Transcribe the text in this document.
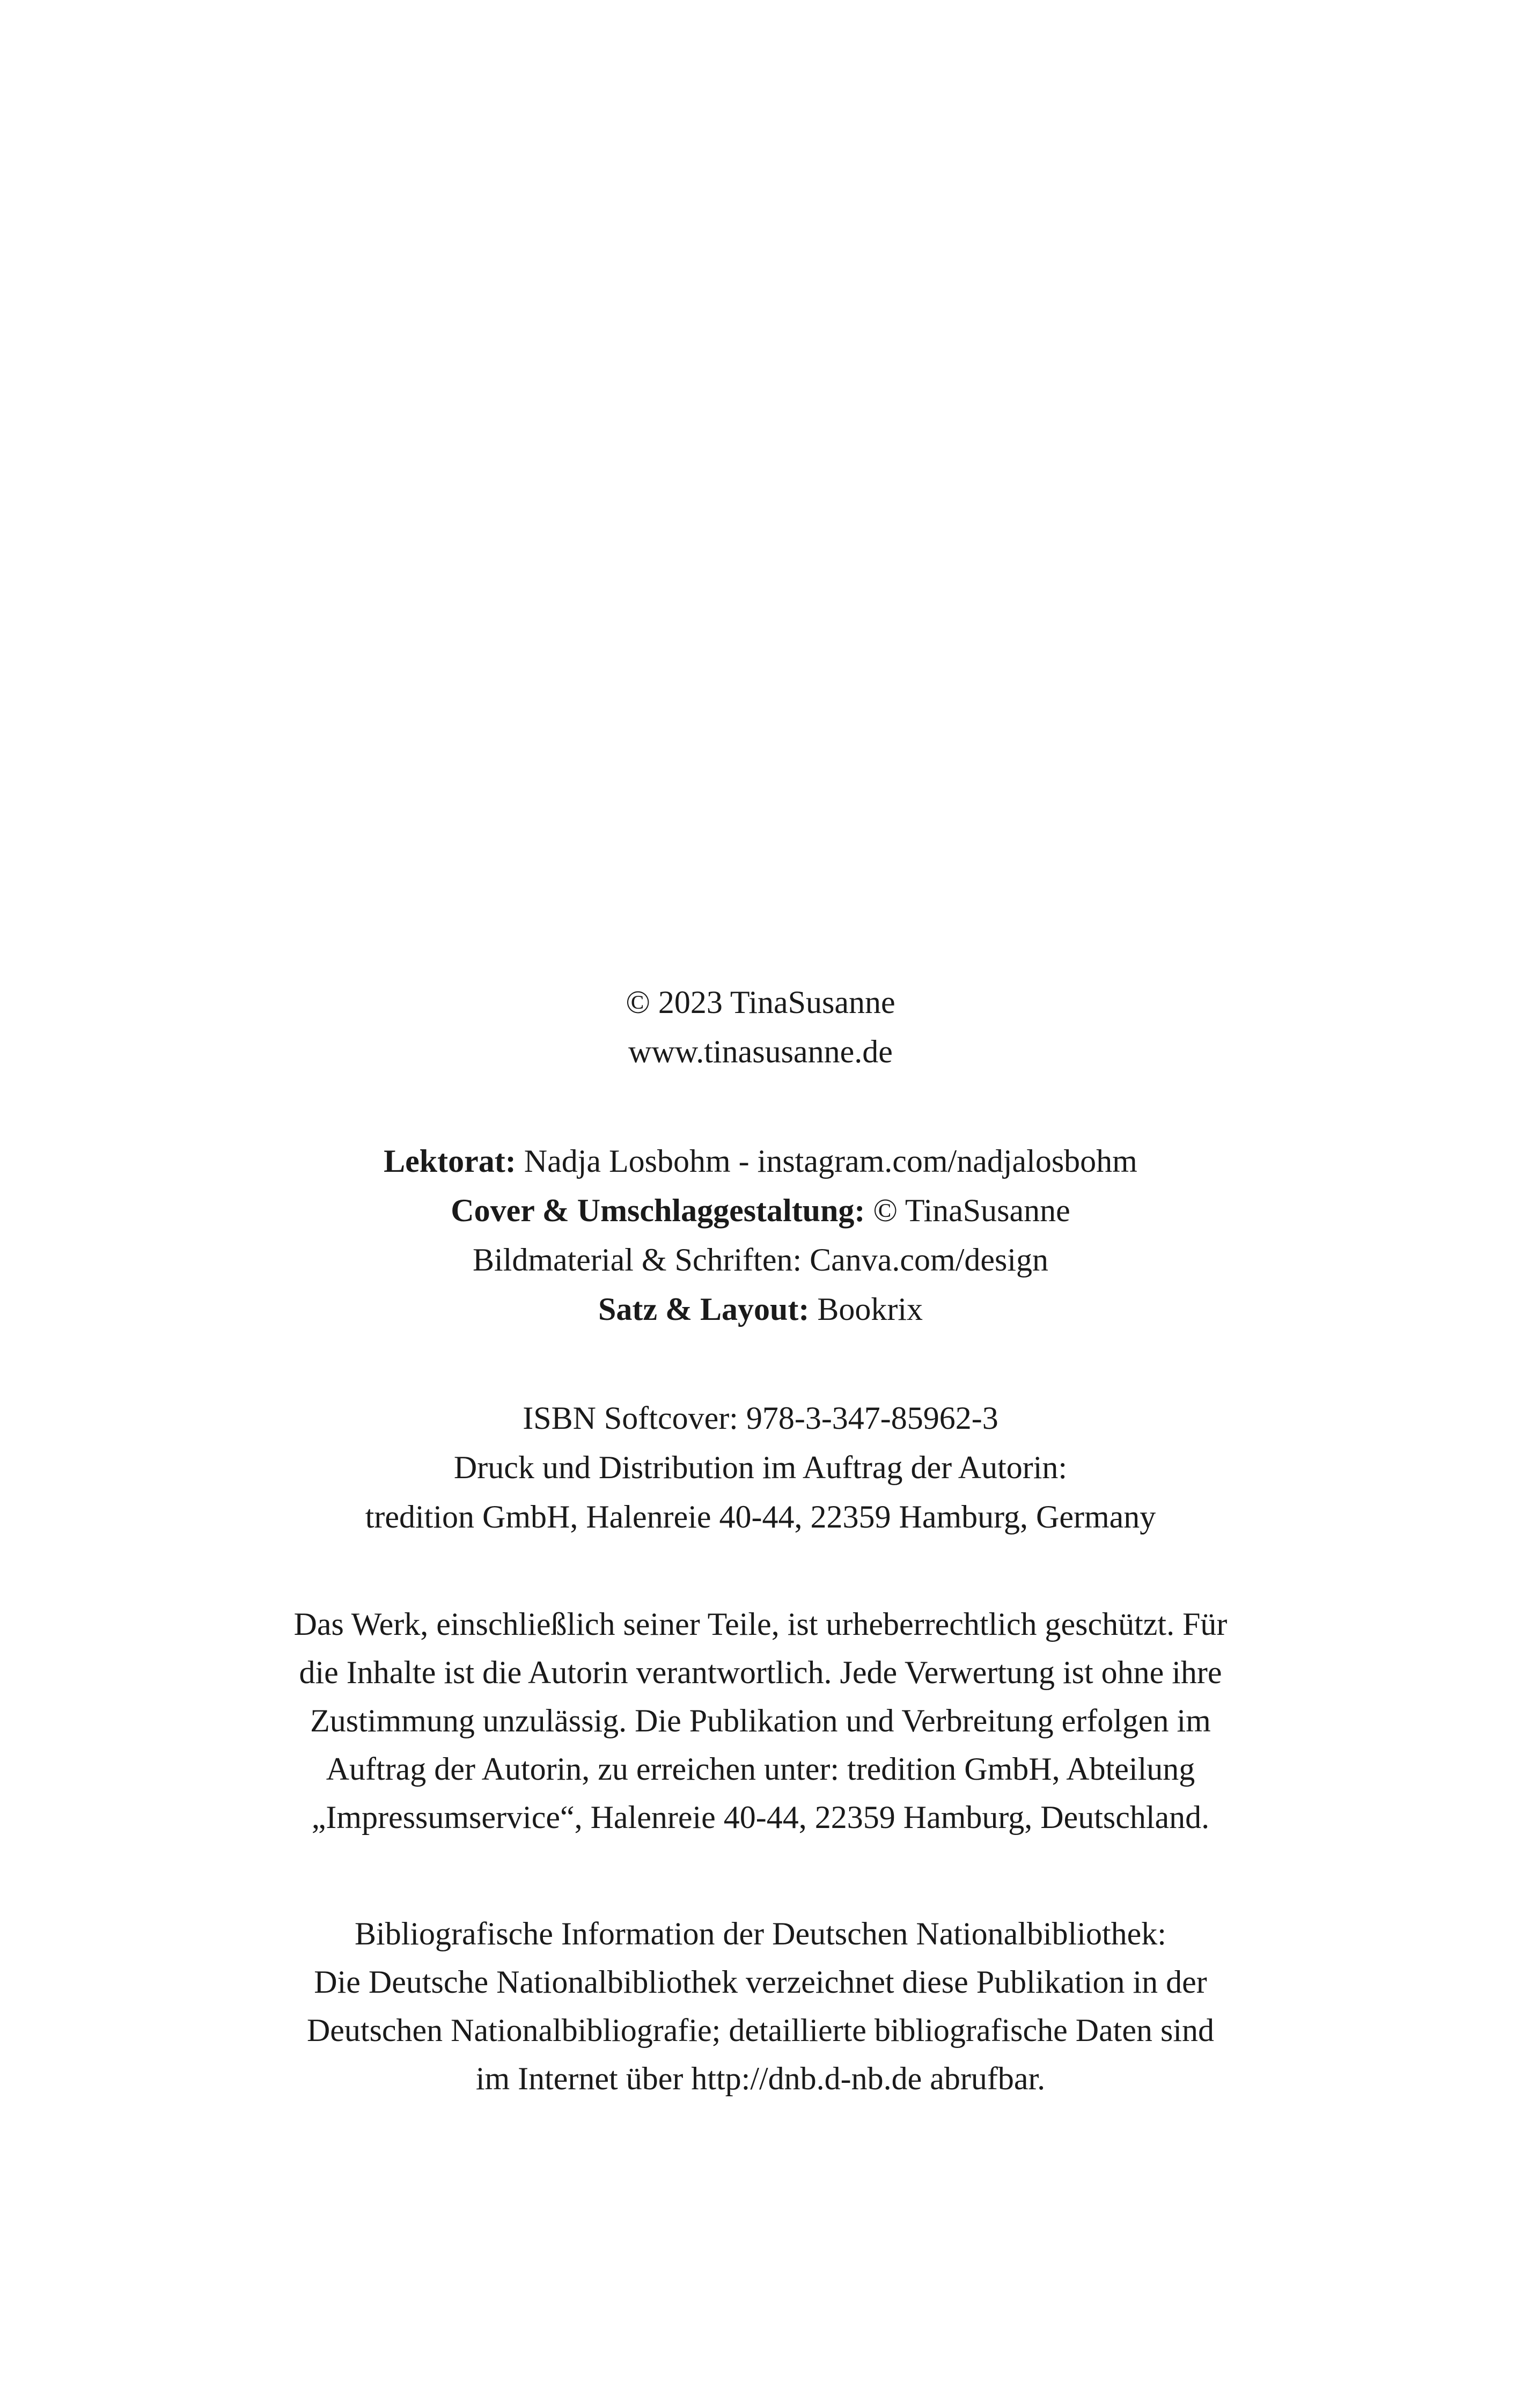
© 2023 TinaSusanne
www.tinasusanne.de
Lektorat: Nadja Losbohm - instagram.com/nadjalosbohm
Cover & Umschlaggestaltung: © TinaSusanne
Bildmaterial & Schriften: Canva.com/design
Satz & Layout: Bookrix
ISBN Softcover: 978-3-347-85962-3
Druck und Distribution im Auftrag der Autorin:
tredition GmbH, Halenreie 40-44, 22359 Hamburg, Germany
Das Werk, einschließlich seiner Teile, ist urheberrechtlich geschützt. Für
die Inhalte ist die Autorin verantwortlich. Jede Verwertung ist ohne ihre
Zustimmung unzulässig. Die Publikation und Verbreitung erfolgen im
Auftrag der Autorin, zu erreichen unter: tredition GmbH, Abteilung
„Impressumservice“, Halenreie 40-44, 22359 Hamburg, Deutschland.
Bibliografische Information der Deutschen Nationalbibliothek:
Die Deutsche Nationalbibliothek verzeichnet diese Publikation in der
Deutschen Nationalbibliografie; detaillierte bibliografische Daten sind
im Internet über http://dnb.d-nb.de abrufbar.
